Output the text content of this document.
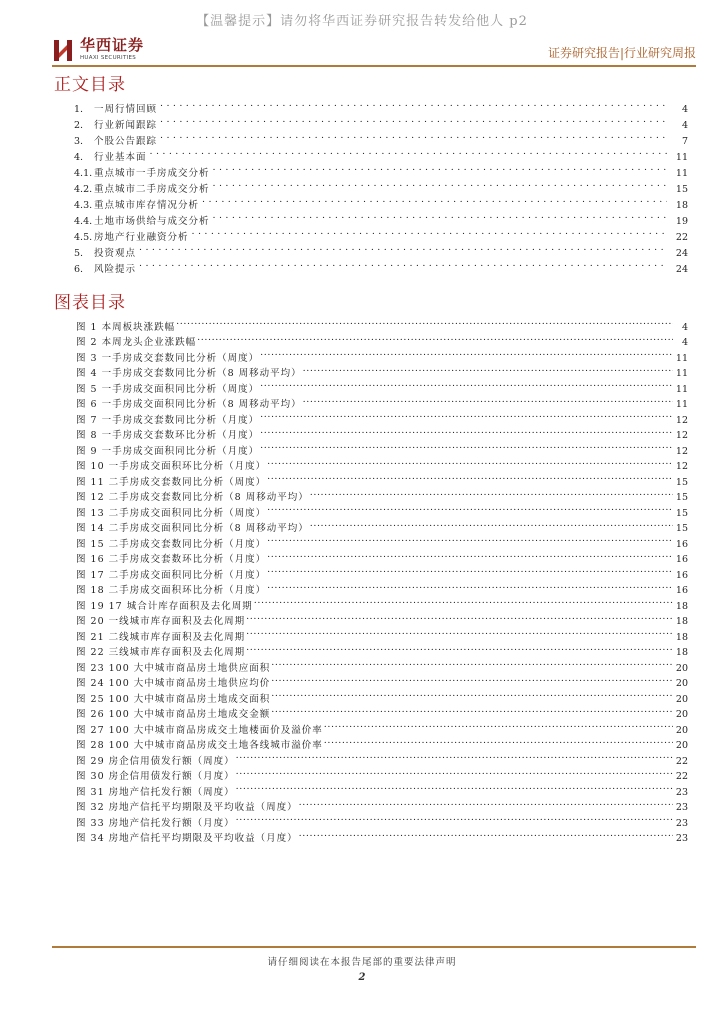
【温馨提示】请勿将华西证券研究报告转发给他人 p2
华西证券
HUAXI SECURITIES	证券研究报告|行业研究周报
正文目录
1.	一周行情回顾 . . .	4
2.	行业新闻跟踪 . . .	4
3.	个股公告跟踪 . . .	7
4.	行业基本面 . . .	11
4.1. 重点城市一手房成交分析 . . .	11
4.2. 重点城市二手房成交分析 . . .	15
4.3. 重点城市库存情况分析 . . .	18
4.4. 土地市场供给与成交分析 . . .	19
4.5. 房地产行业融资分析 . . .	22
5.	投资观点 . . .	24
6.	风险提示 . . .	24
图表目录
图 1 本周板块涨跌幅 .....	4
图 2 本周龙头企业涨跌幅 .....	4
图 3 一手房成交套数同比分析（周度） .....	11
图 4 一手房成交套数同比分析（8 周移动平均） .....	11
图 5 一手房成交面积同比分析（周度） .....	11
图 6 一手房成交面积同比分析（8 周移动平均） .....	11
图 7 一手房成交套数同比分析（月度） .....	12
图 8 一手房成交套数环比分析（月度） .....	12
图 9 一手房成交面积同比分析（月度） .....	12
图 10 一手房成交面积环比分析（月度） .....	12
图 11 二手房成交套数同比分析（周度） .....	15
图 12 二手房成交套数同比分析（8 周移动平均） .....	15
图 13 二手房成交面积同比分析（周度） .....	15
图 14 二手房成交面积同比分析（8 周移动平均） .....	15
图 15 二手房成交套数同比分析（月度） .....	16
图 16 二手房成交套数环比分析（月度） .....	16
图 17 二手房成交面积同比分析（月度） .....	16
图 18 二手房成交面积环比分析（月度） .....	16
图 19 17 城合计库存面积及去化周期 .....	18
图 20 一线城市库存面积及去化周期 .....	18
图 21 二线城市库存面积及去化周期 .....	18
图 22 三线城市库存面积及去化周期 .....	18
图 23 100 大中城市商品房土地供应面积 .....	20
图 24 100 大中城市商品房土地供应均价 .....	20
图 25 100 大中城市商品房土地成交面积 .....	20
图 26 100 大中城市商品房土地成交金额 .....	20
图 27 100 大中城市商品房成交土地楼面价及溢价率 .....	20
图 28 100 大中城市商品房成交土地各线城市溢价率 .....	20
图 29 房企信用债发行额（周度） .....	22
图 30 房企信用债发行额（月度） .....	22
图 31 房地产信托发行额（周度） .....	23
图 32 房地产信托平均期限及平均收益（周度） .....	23
图 33 房地产信托发行额（月度） .....	23
图 34 房地产信托平均期限及平均收益（月度） .....	23
请仔细阅读在本报告尾部的重要法律声明
2
